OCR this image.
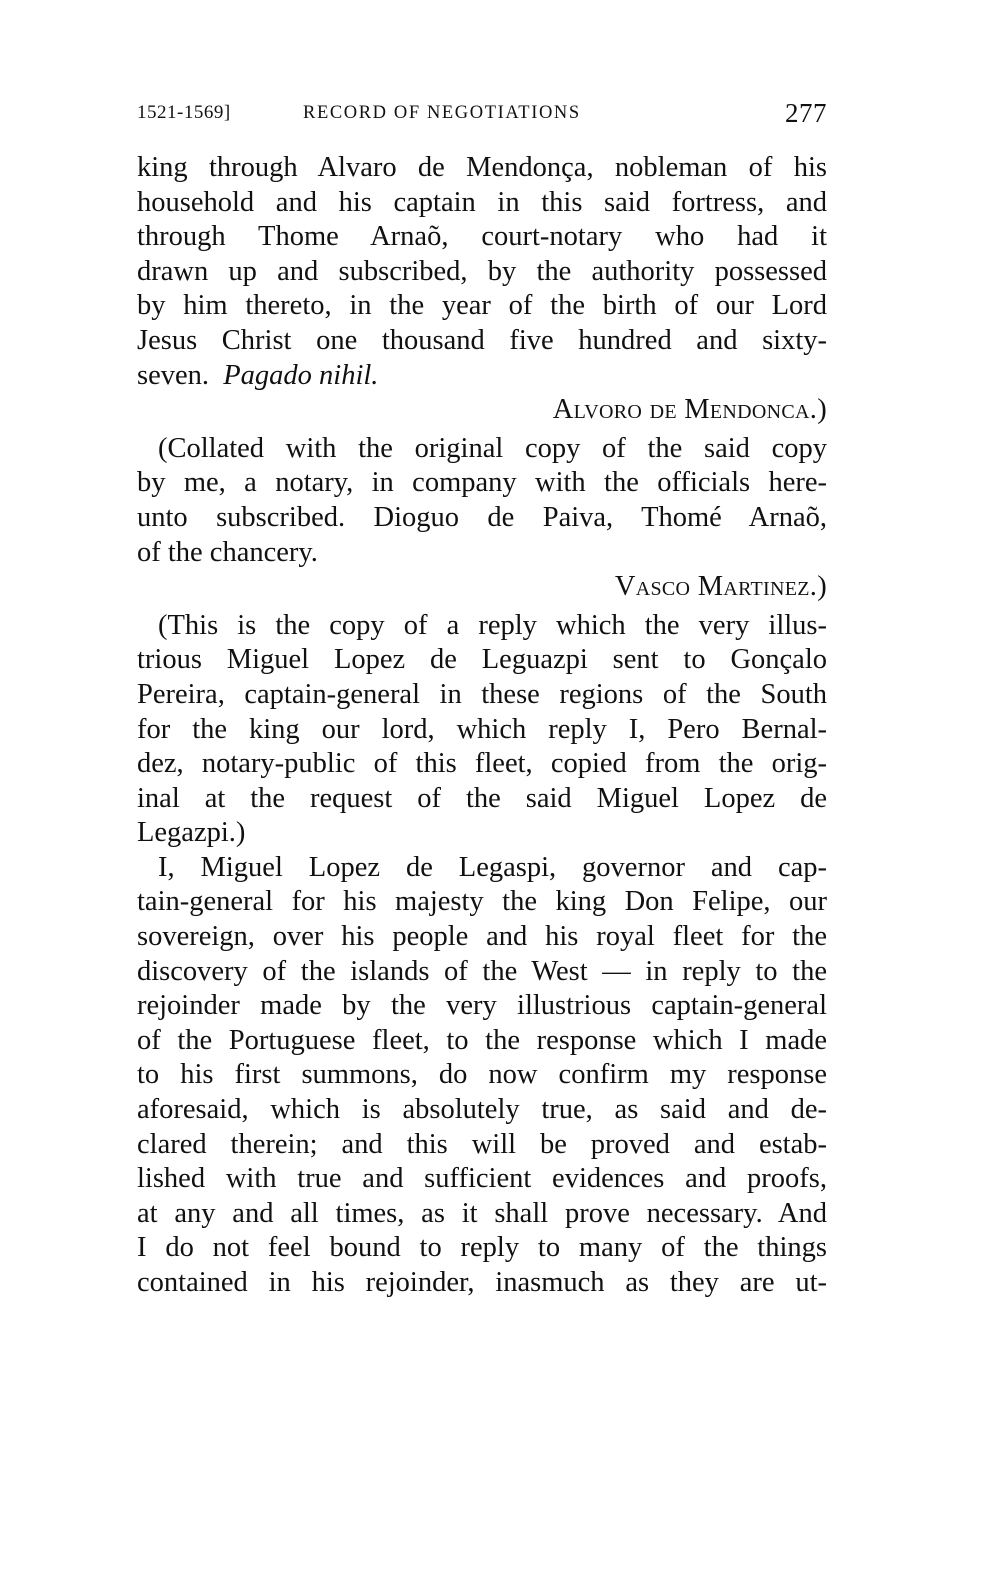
1521-1569]	RECORD OF NEGOTIATIONS	277
king through Alvaro de Mendonça, nobleman of his
household and his captain in this said fortress, and
through Thome Arnaõ, court-notary who had it
drawn up and subscribed, by the authority possessed
by him thereto, in the year of the birth of our Lord
Jesus Christ one thousand five hundred and sixty-
seven. Pagado nihil.
Alvoro de Mendonca.)
(Collated with the original copy of the said copy
by me, a notary, in company with the officials here-
unto subscribed. Dioguo de Paiva, Thomé Arnaõ,
of the chancery.
Vasco Martinez.)
(This is the copy of a reply which the very illus-
trious Miguel Lopez de Leguazpi sent to Gonçalo
Pereira, captain-general in these regions of the South
for the king our lord, which reply I, Pero Bernal-
dez, notary-public of this fleet, copied from the orig-
inal at the request of the said Miguel Lopez de
Legazpi.)
I, Miguel Lopez de Legaspi, governor and cap-
tain-general for his majesty the king Don Felipe, our
sovereign, over his people and his royal fleet for the
discovery of the islands of the West — in reply to the
rejoinder made by the very illustrious captain-general
of the Portuguese fleet, to the response which I made
to his first summons, do now confirm my response
aforesaid, which is absolutely true, as said and de-
clared therein; and this will be proved and estab-
lished with true and sufficient evidences and proofs,
at any and all times, as it shall prove necessary. And
I do not feel bound to reply to many of the things
contained in his rejoinder, inasmuch as they are ut-
